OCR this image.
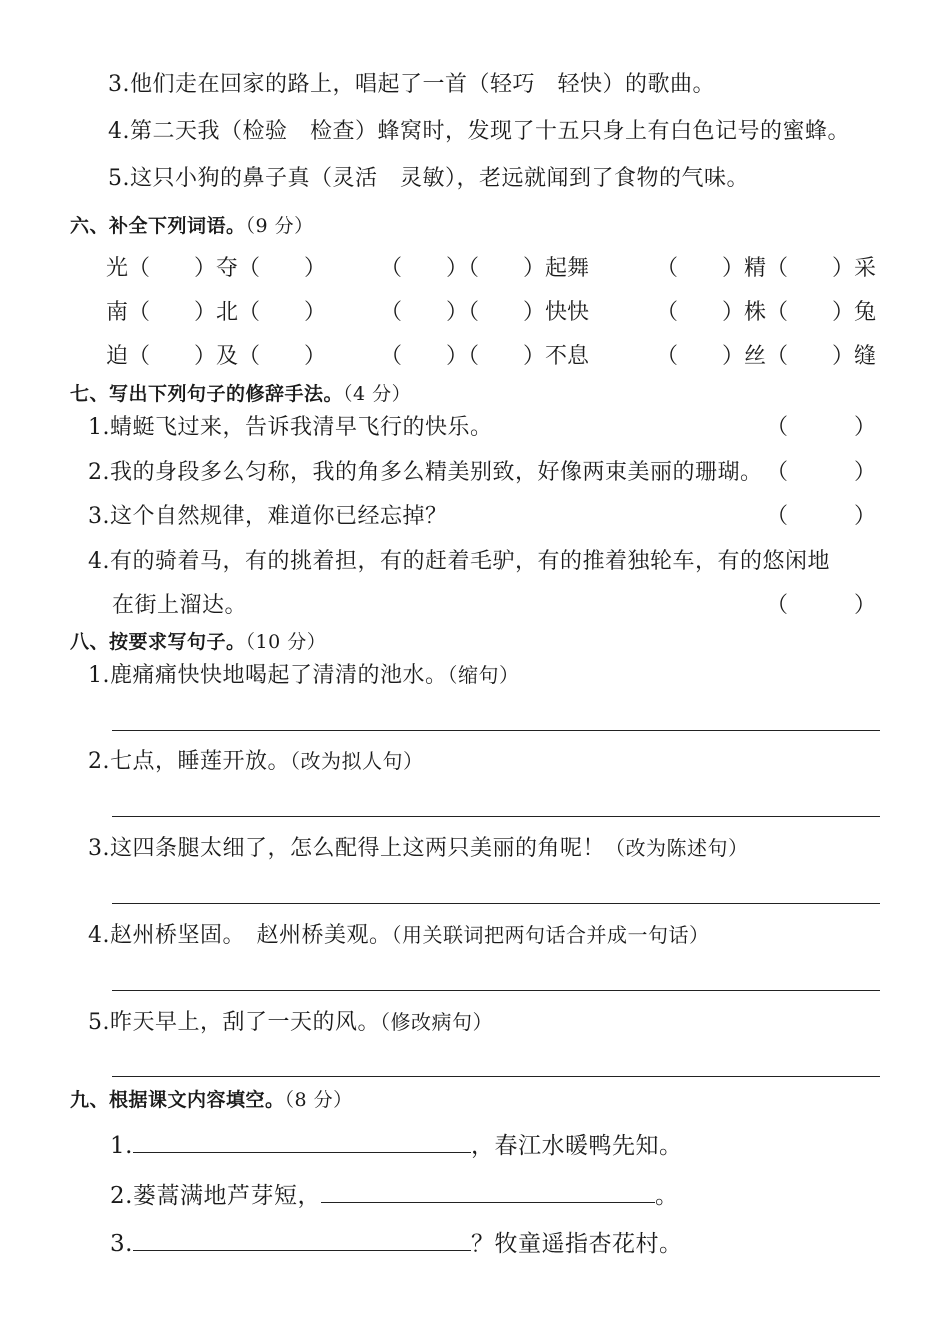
3.他们走在回家的路上，唱起了一首（轻巧　轻快）的歌曲。
4.第二天我（检验　检查）蜂窝时，发现了十五只身上有白色记号的蜜蜂。
5.这只小狗的鼻子真（灵活　灵敏），老远就闻到了食物的气味。
六、补全下列词语。（9 分）
光（　　）夺（　　） （　　）（　　）起舞	（　　）精（　　）采
南（　　）北（　　） （　　）（　　）快快	（　　）株（　　）兔
迫（　　）及（　　） （　　）（　　）不息	（　　）丝（　　）缝
七、写出下列句子的修辞手法。（4 分）
1.蜻蜓飞过来，告诉我清早飞行的快乐。	（　　　）
2.我的身段多么匀称，我的角多么精美别致，好像两束美丽的珊瑚。 （　　　）
3.这个自然规律，难道你已经忘掉？	（　　　）
4.有的骑着马，有的挑着担，有的赶着毛驴，有的推着独轮车，有的悠闲地
在街上溜达。	（　　　）
八、按要求写句子。（10 分）
1.鹿痛痛快快地喝起了清清的池水。（缩句）
2.七点，睡莲开放。（改为拟人句）
3.这四条腿太细了，怎么配得上这两只美丽的角呢！（改为陈述句）
4.赵州桥坚固。　赵州桥美观。（用关联词把两句话合并成一句话）
5.昨天早上，刮了一天的风。（修改病句）
九、根据课文内容填空。（8 分）
1.	，春江水暖鸭先知。
2.蒌蒿满地芦芽短，	。
3.	？牧童遥指杏花村。
